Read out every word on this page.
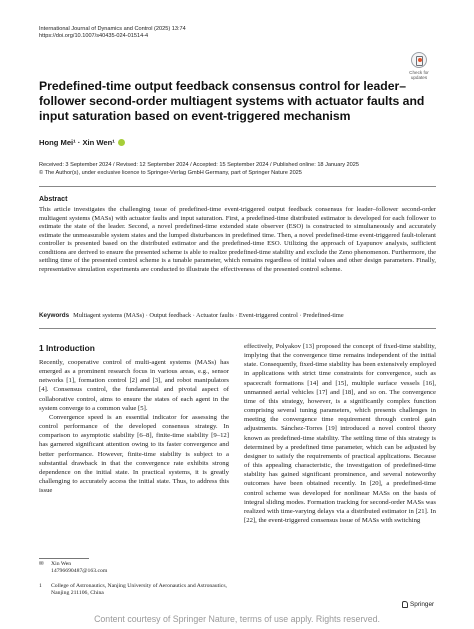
International Journal of Dynamics and Control (2025) 13:74
https://doi.org/10.1007/s40435-024-01514-4
Check for
updates
Predefined-time output feedback consensus control for leader–follower second-order multiagent systems with actuator faults and input saturation based on event-triggered mechanism
Hong Mei¹ · Xin Wen¹
Received: 3 September 2024 / Revised: 12 September 2024 / Accepted: 15 September 2024 / Published online: 18 January 2025
© The Author(s), under exclusive licence to Springer-Verlag GmbH Germany, part of Springer Nature 2025
Abstract
This article investigates the challenging issue of predefined-time event-triggered output feedback consensus for leader–follower second-order multiagent systems (MASs) with actuator faults and input saturation. First, a predefined-time distributed estimator is developed for each follower to estimate the state of the leader. Second, a novel predefined-time extended state observer (ESO) is constructed to simultaneously and accurately estimate the unmeasurable system states and the lumped disturbances in predefined time. Then, a novel predefined-time event-triggered fault-tolerant controller is presented based on the distributed estimator and the predefined-time ESO. Utilizing the approach of Lyapunov analysis, sufficient conditions are derived to ensure the presented scheme is able to realize predefined-time stability and exclude the Zeno phenomenon. Furthermore, the settling time of the presented control scheme is a tunable parameter, which remains regardless of initial values and other design parameters. Finally, representative simulation experiments are conducted to illustrate the effectiveness of the presented control scheme.
Keywords Multiagent systems (MASs) · Output feedback · Actuator faults · Event-triggered control · Predefined-time
1 Introduction

Recently, cooperative control of multi-agent systems (MASs) has emerged as a prominent research focus in various areas, e.g., sensor networks [1], formation control [2] and [3], and robot manipulators [4]. Consensus control, the fundamental and pivotal aspect of collaborative control, aims to ensure the states of each agent in the system converge to a common value [5].

Convergence speed is an essential indicator for assessing the control performance of the developed consensus strategy. In comparison to asymptotic stability [6–8], finite-time stability [9–12] has garnered significant attention owing to its faster convergence and better performance. However, finite-time stability is subject to a substantial drawback in that the convergence rate exhibits strong dependence on the initial state. In practical systems, it is greatly challenging to accurately access the initial state. Thus, to address this issue

effectively, Polyakov [13] proposed the concept of fixed-time stability, implying that the convergence time remains independent of the initial state. Consequently, fixed-time stability has been extensively employed in applications with strict time constraints for convergence, such as spacecraft formations [14] and [15], multiple surface vessels [16], unmanned aerial vehicles [17] and [18], and so on. The convergence time of this strategy, however, is a significantly complex function comprising several tuning parameters, which presents challenges in meeting the convergence time requirement through control gain adjustments. Sánchez-Torres [19] introduced a novel control theory known as predefined-time stability. The settling time of this strategy is determined by a predefined time parameter, which can be adjusted by designer to satisfy the requirements of practical applications. Because of this appealing characteristic, the investigation of predefined-time stability has gained significant prominence, and several noteworthy outcomes have been obtained recently. In [20], a predefined-time control scheme was developed for nonlinear MASs on the basis of integral sliding modes. Formation tracking for second-order MASs was realized with time-varying delays via a distributed estimator in [21]. In [22], the event-triggered consensus issue of MASs with switching

✉ Xin Wen
14796690487@163.com
1	College of Astronautics, Nanjing University of Aeronautics and Astronautics, Nanjing 211106, China
Springer
Content courtesy of Springer Nature, terms of use apply. Rights reserved.
